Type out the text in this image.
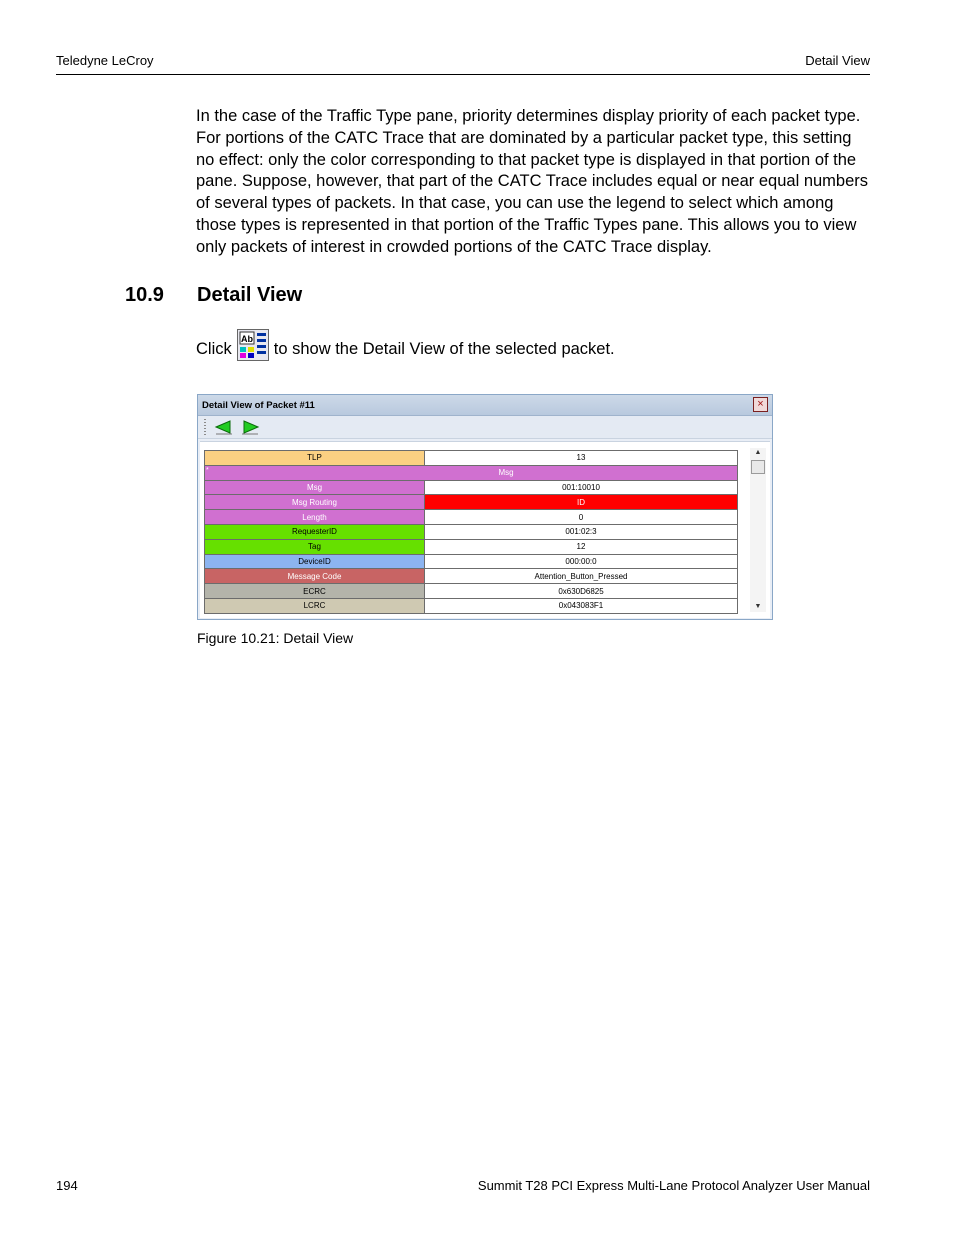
Teledyne LeCroy	Detail View
In the case of the Traffic Type pane, priority determines display priority of each packet type. For portions of the CATC Trace that are dominated by a particular packet type, this setting no effect: only the color corresponding to that packet type is displayed in that portion of the pane. Suppose, however, that part of the CATC Trace includes equal or near equal numbers of several types of packets. In that case, you can use the legend to select which among those types is represented in that portion of the Traffic Types pane. This allows you to view only packets of interest in crowded portions of the CATC Trace display.
10.9 Detail View
Click
Ab
to show the Detail View of the selected packet.
Detail View of Packet #11	×
TLP	13

* Msg	
Msg	001:10010
Msg Routing	ID
Length	0
RequesterID	001:02:3
Tag	12
DeviceID	000:00:0
Message Code	Attention_Button_Pressed
ECRC	0x630D6825
LCRC	0x043083F1
▲
▼
Figure 10.21: Detail View
194	Summit T28 PCI Express Multi-Lane Protocol Analyzer User Manual
